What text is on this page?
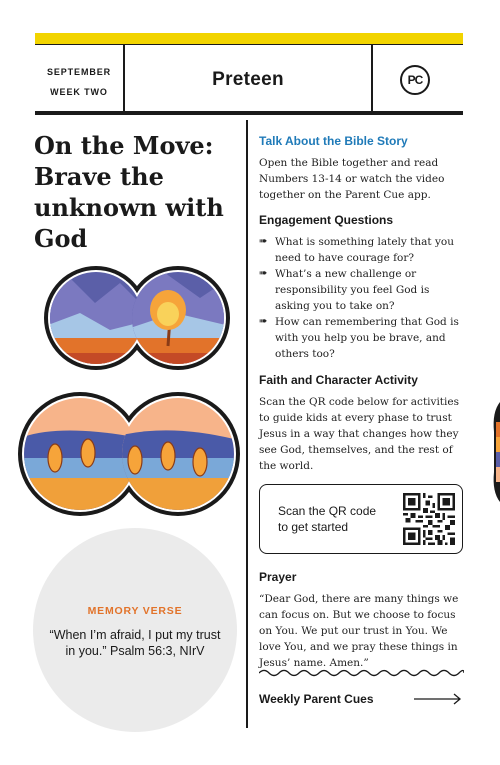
SEPTEMBER
WEEK TWO
Preteen	PС
On the Move: Brave the unknown with God
MEMORY VERSE
“When I’m afraid, I put my trust in you.” Psalm 56:3, NIrV
Talk About the Bible Story
Open the Bible together and read Numbers 13-14 or watch the video together on the Parent Cue app.
Engagement Questions
➠ What is something lately that you need to have courage for?
➠ What’s a new challenge or responsibility you feel God is asking you to take on?
➠ How can remembering that God is with you help you be brave, and others too?
Faith and Character Activity
Scan the QR code below for activities to guide kids at every phase to trust Jesus in a way that changes how they see God, themselves, and the rest of the world.
Scan the QR code to get started
Prayer
“Dear God, there are many things we can focus on. But we choose to focus on You. We put our trust in You. We love You, and we pray these things in Jesus’ name. Amen.”
Weekly Parent Cues
